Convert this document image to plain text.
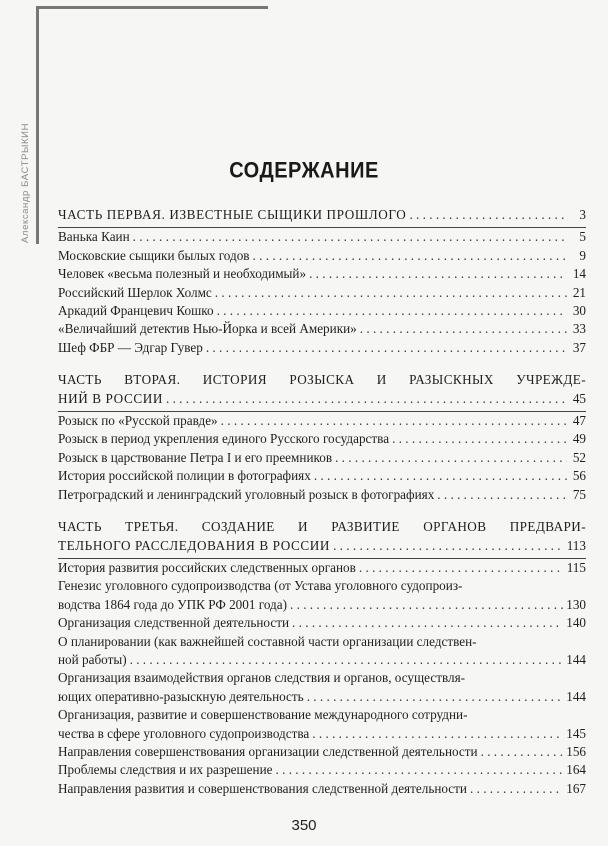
Александр БАСТРЫКИН	СОДЕРЖАНИЕ
ЧАСТЬ ПЕРВАЯ. ИЗВЕСТНЫЕ СЫЩИКИ ПРОШЛОГО . . .	3
Ванька Каин . . .	5
Московские сыщики былых годов . . .	9
Человек «весьма полезный и необходимый» . . .	14
Российский Шерлок Холмс . . .	21
Аркадий Францевич Кошко . . .	30
«Величайший детектив Нью-Йорка и всей Америки» . . .	33
Шеф ФБР — Эдгар Гувер . . .	37
ЧАСТЬ ВТОРАЯ. ИСТОРИЯ РОЗЫСКА И РАЗЫСКНЫХ УЧРЕЖДЕ-
НИЙ В РОССИИ . . .	45
Розыск по «Русской правде» . . .	47
Розыск в период укрепления единого Русского государства . . .	49
Розыск в царствование Петра I и его преемников . . .	52
История российской полиции в фотографиях . . .	56
Петроградский и ленинградский уголовный розыск в фотографиях . . .	75
ЧАСТЬ ТРЕТЬЯ. СОЗДАНИЕ И РАЗВИТИЕ ОРГАНОВ ПРЕДВАРИ-
ТЕЛЬНОГО РАССЛЕДОВАНИЯ В РОССИИ . . .	113
История развития российских следственных органов . . .	115
Генезис уголовного судопроизводства (от Устава уголовного судопроиз-
водства 1864 года до УПК РФ 2001 года) . . .	130
Организация следственной деятельности . . .	140
О планировании (как важнейшей составной части организации следствен-
ной работы) . . .	144
Организация взаимодействия органов следствия и органов, осуществля-
ющих оперативно-разыскную деятельность . . .	144
Организация, развитие и совершенствование международного сотрудни-
чества в сфере уголовного судопроизводства . . .	145
Направления совершенствования организации следственной деятельности . . .	156
Проблемы следствия и их разрешение . . .	164
Направления развития и совершенствования следственной деятельности . . .	167
350
